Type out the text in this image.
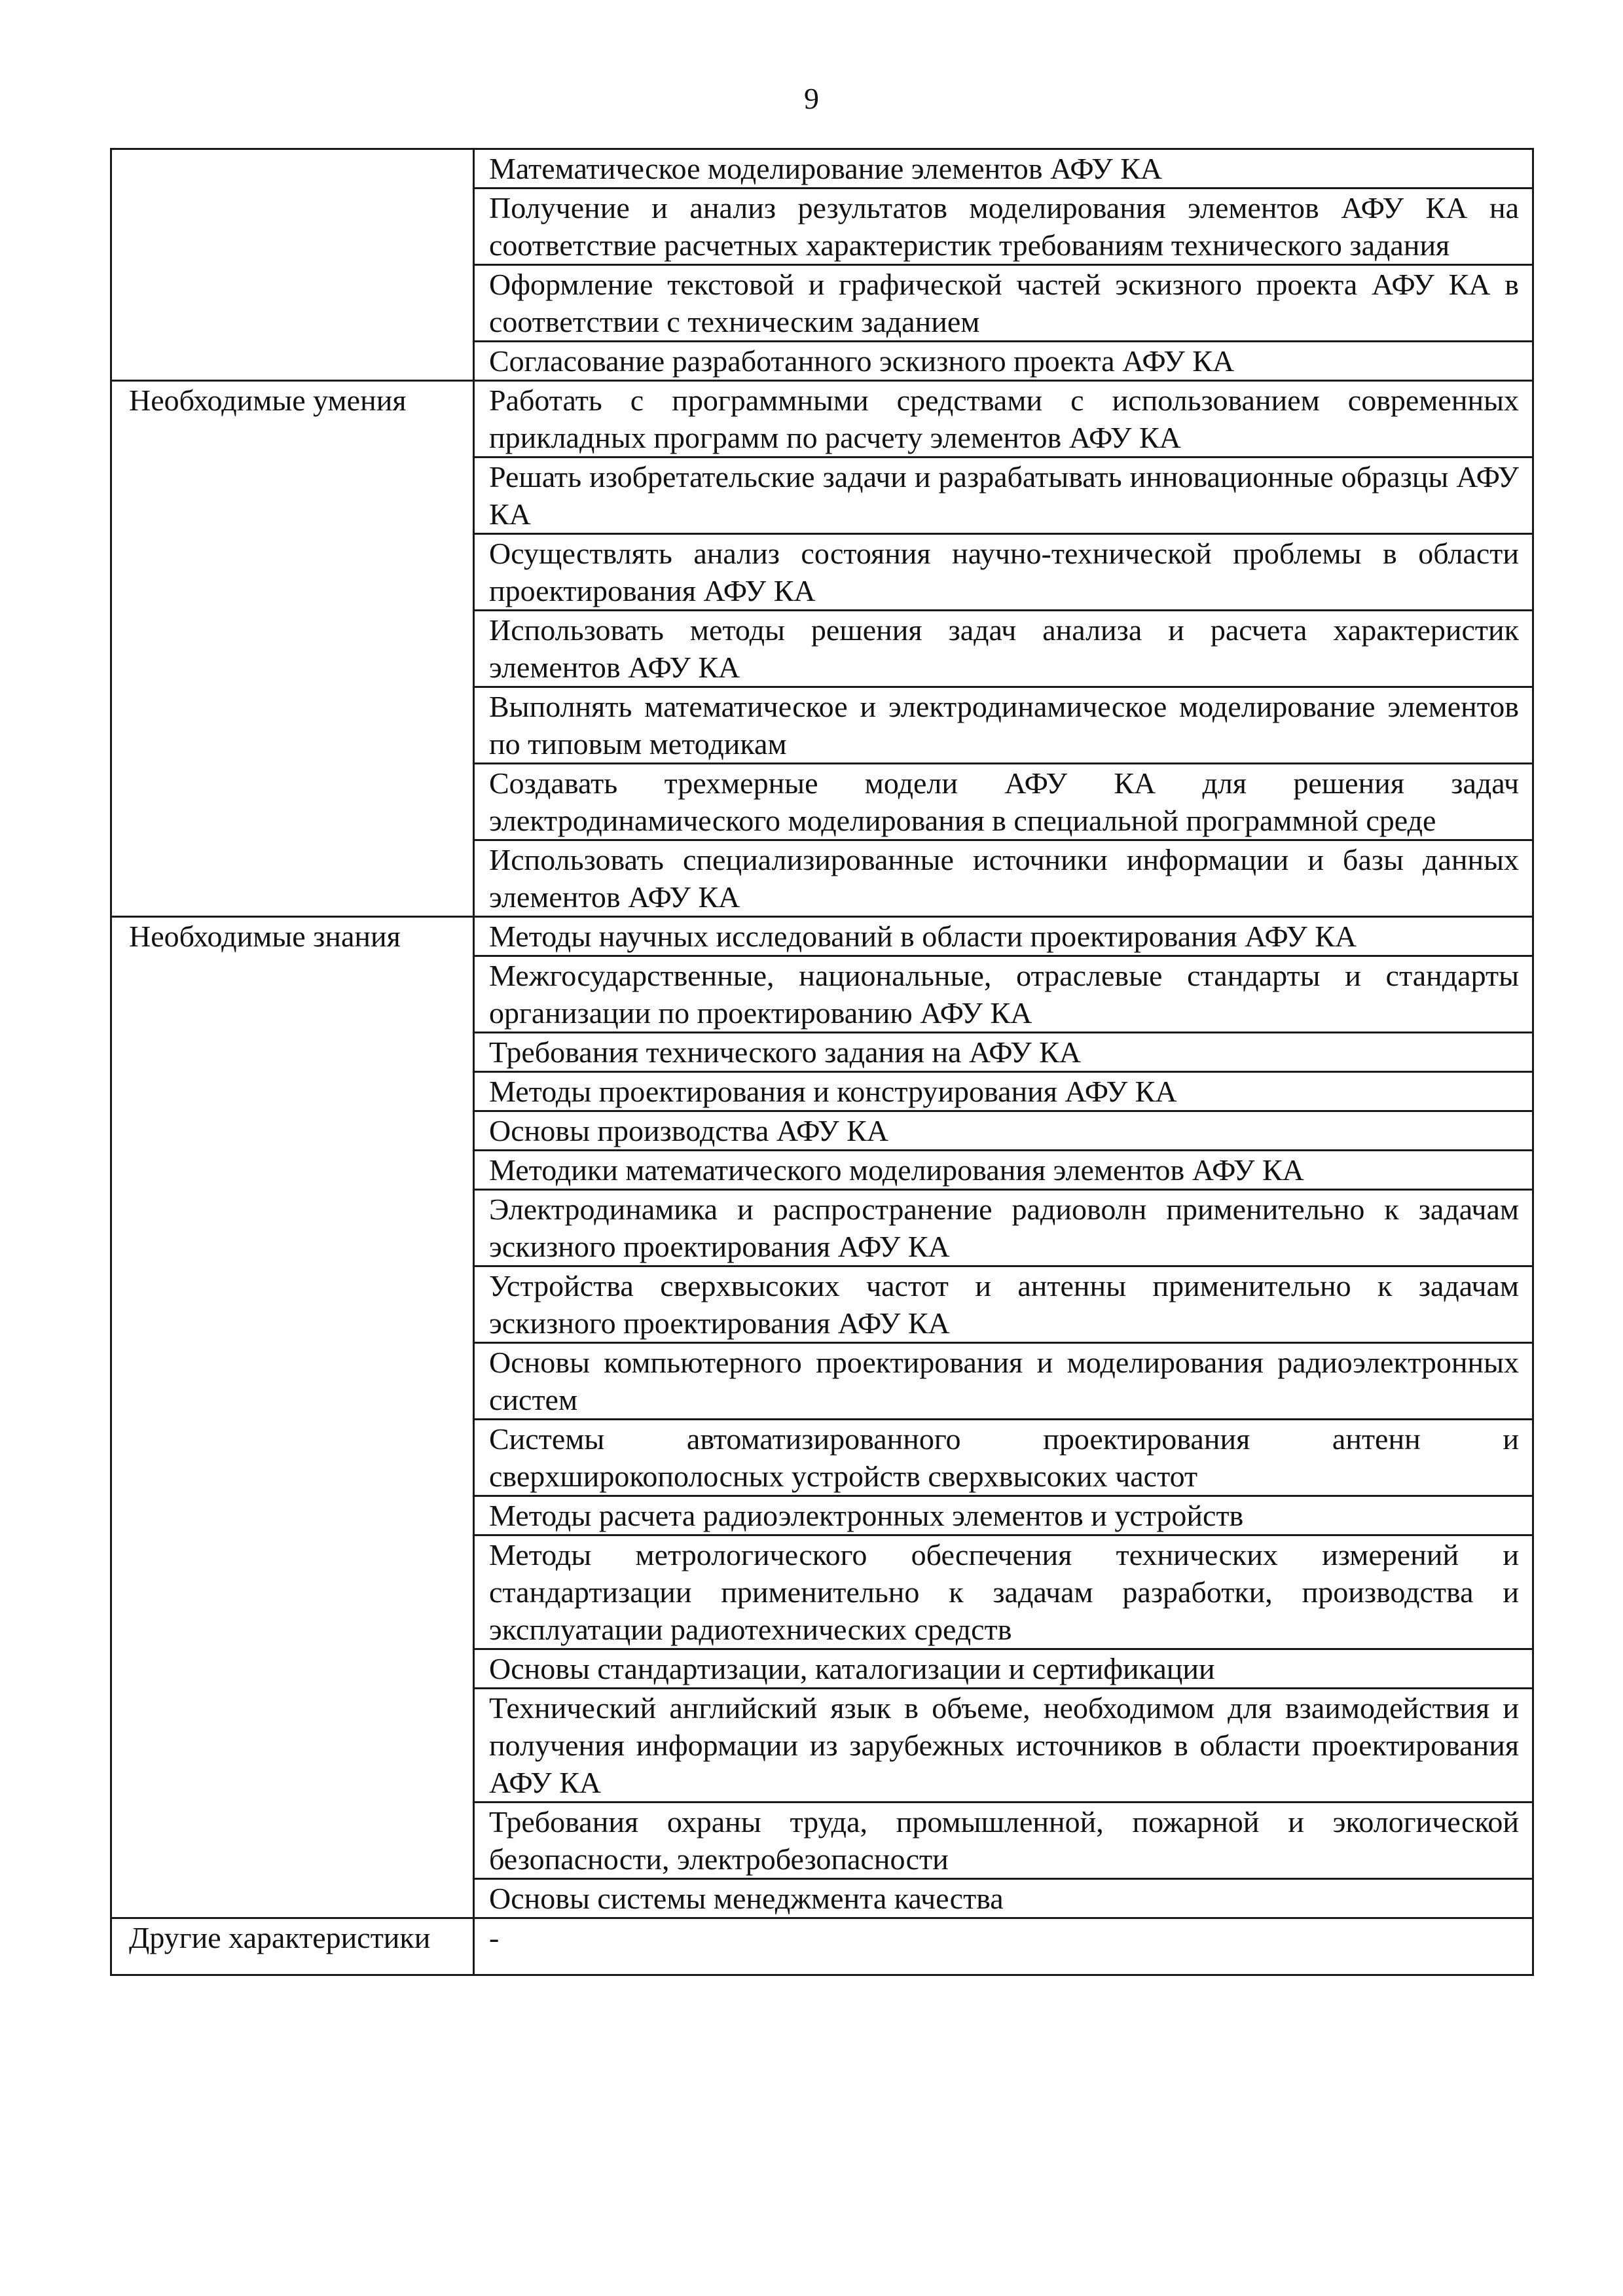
9
	Математическое моделирование элементов АФУ КА
	Получение и анализ результатов моделирования элементов АФУ КА на соответствие расчетных характеристик требованиям технического задания
	Оформление текстовой и графической частей эскизного проекта АФУ КА в соответствии с техническим заданием
	Согласование разработанного эскизного проекта АФУ КА
Необходимые умения	Работать с программными средствами с использованием современных прикладных программ по расчету элементов АФУ КА
	Решать изобретательские задачи и разрабатывать инновационные образцы АФУ КА
	Осуществлять анализ состояния научно-технической проблемы в области проектирования АФУ КА
	Использовать методы решения задач анализа и расчета характеристик элементов АФУ КА
	Выполнять математическое и электродинамическое моделирование элементов по типовым методикам
	Создавать трехмерные модели АФУ КА для решения задач электродинамического моделирования в специальной программной среде
	Использовать специализированные источники информации и базы данных элементов АФУ КА
Необходимые знания	Методы научных исследований в области проектирования АФУ КА
	Межгосударственные, национальные, отраслевые стандарты и стандарты организации по проектированию АФУ КА
	Требования технического задания на АФУ КА
	Методы проектирования и конструирования АФУ КА
	Основы производства АФУ КА
	Методики математического моделирования элементов АФУ КА
	Электродинамика и распространение радиоволн применительно к задачам эскизного проектирования АФУ КА
	Устройства сверхвысоких частот и антенны применительно к задачам эскизного проектирования АФУ КА
	Основы компьютерного проектирования и моделирования радиоэлектронных систем
	Системы автоматизированного проектирования антенн и сверхширокополосных устройств сверхвысоких частот
	Методы расчета радиоэлектронных элементов и устройств
	Методы метрологического обеспечения технических измерений и стандартизации применительно к задачам разработки, производства и эксплуатации радиотехнических средств
	Основы стандартизации, каталогизации и сертификации
	Технический английский язык в объеме, необходимом для взаимодействия и получения информации из зарубежных источников в области проектирования АФУ КА
	Требования охраны труда, промышленной, пожарной и экологической безопасности, электробезопасности
	Основы системы менеджмента качества
Другие характеристики	-
